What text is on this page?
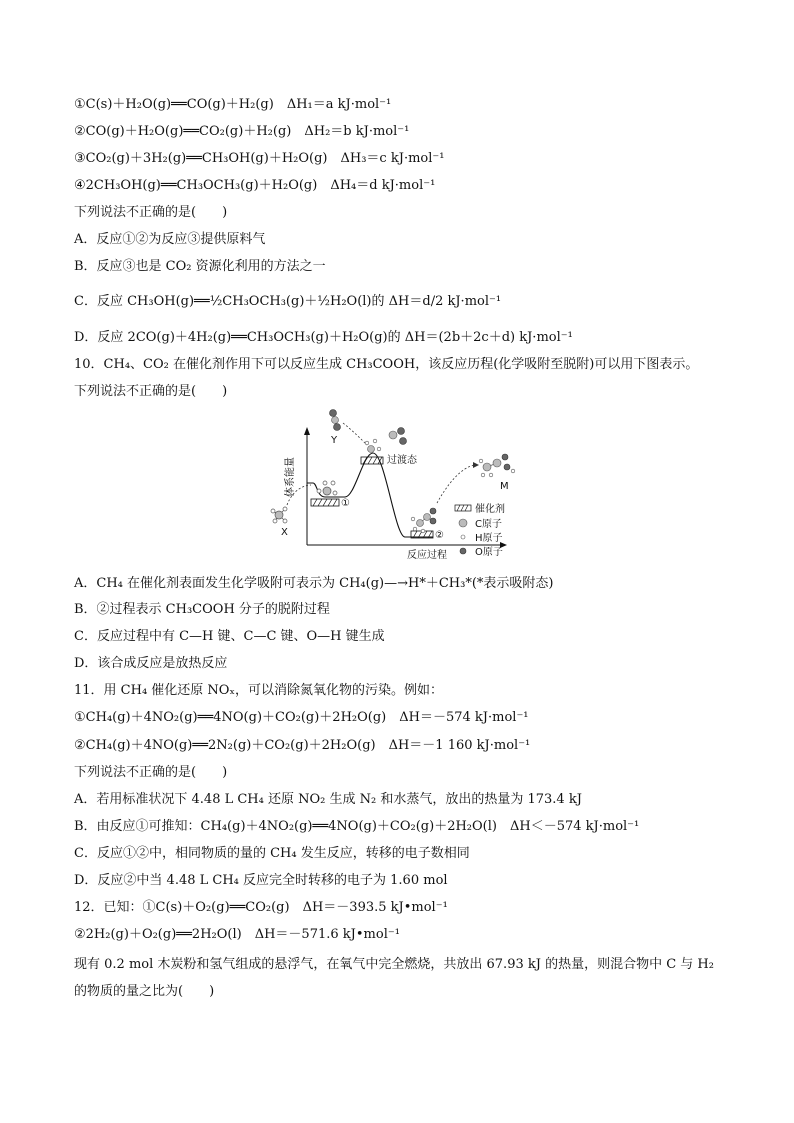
①C(s)＋H₂O(g)══CO(g)＋H₂(g)　ΔH₁＝a kJ·mol⁻¹
②CO(g)＋H₂O(g)══CO₂(g)＋H₂(g)　ΔH₂＝b kJ·mol⁻¹
③CO₂(g)＋3H₂(g)══CH₃OH(g)＋H₂O(g)　ΔH₃＝c kJ·mol⁻¹
④2CH₃OH(g)══CH₃OCH₃(g)＋H₂O(g)　ΔH₄＝d kJ·mol⁻¹
下列说法不正确的是(　　)
A．反应①②为反应③提供原料气
B．反应③也是 CO₂ 资源化利用的方法之一
C．反应 CH₃OH(g)══½CH₃OCH₃(g)＋½H₂O(l)的 ΔH＝d/2 kJ·mol⁻¹
D．反应 2CO(g)＋4H₂(g)══CH₃OCH₃(g)＋H₂O(g)的 ΔH＝(2b＋2c＋d) kJ·mol⁻¹
10．CH₄、CO₂ 在催化剂作用下可以反应生成 CH₃COOH，该反应历程(化学吸附至脱附)可以用下图表示。
下列说法不正确的是(　　)
体系能量
反应过程
①
过渡态
②
X
Y
M
催化剂
C原子
H原子
O原子
A．CH₄ 在催化剂表面发生化学吸附可表示为 CH₄(g)—→H*＋CH₃*(*表示吸附态)
B．②过程表示 CH₃COOH 分子的脱附过程
C．反应过程中有 C—H 键、C—C 键、O—H 键生成
D．该合成反应是放热反应
11．用 CH₄ 催化还原 NOₓ，可以消除氮氧化物的污染。例如：
①CH₄(g)＋4NO₂(g)══4NO(g)＋CO₂(g)＋2H₂O(g)　ΔH＝－574 kJ·mol⁻¹
②CH₄(g)＋4NO(g)══2N₂(g)＋CO₂(g)＋2H₂O(g)　ΔH＝－1 160 kJ·mol⁻¹
下列说法不正确的是(　　)
A．若用标准状况下 4.48 L CH₄ 还原 NO₂ 生成 N₂ 和水蒸气，放出的热量为 173.4 kJ
B．由反应①可推知：CH₄(g)＋4NO₂(g)══4NO(g)＋CO₂(g)＋2H₂O(l)　ΔH＜－574 kJ·mol⁻¹
C．反应①②中，相同物质的量的 CH₄ 发生反应，转移的电子数相同
D．反应②中当 4.48 L CH₄ 反应完全时转移的电子为 1.60 mol
12．已知：①C(s)＋O₂(g)══CO₂(g)　ΔH＝－393.5 kJ•mol⁻¹
②2H₂(g)＋O₂(g)══2H₂O(l)　ΔH＝－571.6 kJ•mol⁻¹
现有 0.2 mol 木炭粉和氢气组成的悬浮气，在氧气中完全燃烧，共放出 67.93 kJ 的热量，则混合物中 C 与 H₂
的物质的量之比为(　　)
